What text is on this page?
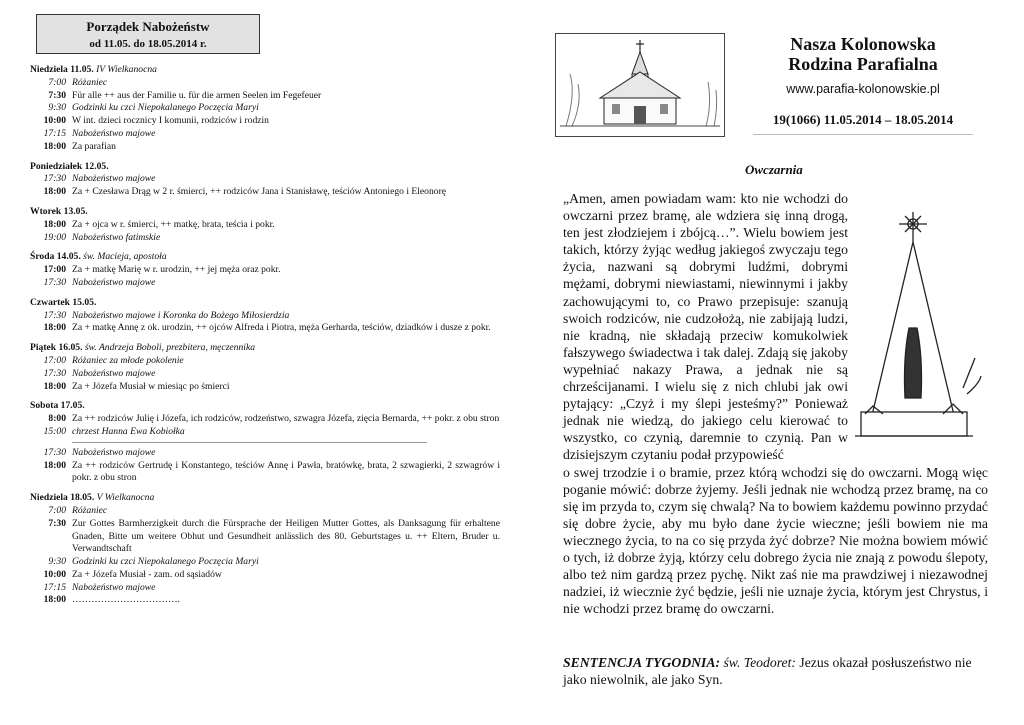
Porządek Nabożeństw
od 11.05. do 18.05.2014 r.
Niedziela 11.05. IV Wielkanocna
7:00 Różaniec
7:30 Für alle ++ aus der Familie u. für die armen Seelen im Fegefeuer
9:30 Godzinki ku czci Niepokalanego Poczęcia Maryi
10:00 W int. dzieci rocznicy I komunii, rodziców i rodzin
17:15 Nabożeństwo majowe
18:00 Za parafian
Poniedziałek 12.05.
17:30 Nabożeństwo majowe
18:00 Za + Czesława Drąg w 2 r. śmierci, ++ rodziców Jana i Stanisławę, teściów Antoniego i Eleonorę
Wtorek 13.05.
18:00 Za + ojca w r. śmierci, ++ matkę, brata, teścia i pokr.
19:00 Nabożeństwo fatimskie
Środa 14.05. św. Macieja, apostoła
17:00 Za + matkę Marię w r. urodzin, ++ jej męża oraz pokr.
17:30 Nabożeństwo majowe
Czwartek 15.05.
17:30 Nabożeństwo majowe i Koronka do Bożego Miłosierdzia
18:00 Za + matkę Annę z ok. urodzin, ++ ojców Alfreda i Piotra, męża Gerharda, teściów, dziadków i dusze z pokr.
Piątek 16.05. św. Andrzeja Boboli, prezbitera, męczennika
17:00 Różaniec za młode pokolenie
17:30 Nabożeństwo majowe
18:00 Za + Józefa Musiał w miesiąc po śmierci
Sobota 17.05.
8:00 Za ++ rodziców Julię i Józefa, ich rodziców, rodzeństwo, szwagra Józefa, zięcia Bernarda, ++ pokr. z obu stron
15:00 chrzest Hanna Ewa Kobiołka
17:30 Nabożeństwo majowe
18:00 Za ++ rodziców Gertrudę i Konstantego, teściów Annę i Pawła, bratówkę, brata, 2 szwagierki, 2 szwagrów i pokr. z obu stron
Niedziela 18.05. V Wielkanocna
7:00 Różaniec
7:30 Zur Gottes Barmherzigkeit durch die Fürsprache der Heiligen Mutter Gottes, als Danksagung für erhaltene Gnaden, Bitte um weitere Obhut und Gesundheit anlässlich des 80. Geburtstages u. ++ Eltern, Bruder u. Verwandtschaft
9:30 Godzinki ku czci Niepokalanego Poczęcia Maryi
10:00 Za + Józefa Musiał - zam. od sąsiadów
17:15 Nabożeństwo majowe
18:00 …………………………….
Nasza Kolonowska
Rodzina Parafialna
www.parafia-kolonowskie.pl
19(1066) 11.05.2014 – 18.05.2014
Owczarnia
„Amen, amen powiadam wam: kto nie wchodzi do owczarni przez bramę, ale wdziera się inną drogą, ten jest złodziejem i zbójcą…”. Wielu bowiem jest takich, którzy żyjąc według jakiegoś zwyczaju tego życia, nazwani są dobrymi ludźmi, dobrymi mężami, dobrymi niewiastami, niewinnymi i jakby zachowującymi to, co Prawo przepisuje: szanują swoich rodziców, nie cudzołożą, nie zabijają ludzi, nie kradną, nie składają przeciw komukolwiek fałszywego świadectwa i tak dalej. Zdają się jakoby wypełniać nakazy Prawa, a jednak nie są chrześcijanami. I wielu się z nich chlubi jak owi pytający: „Czyż i my ślepi jesteśmy?” Ponieważ jednak nie wiedzą, do jakiego celu kierować to wszystko, co czynią, daremnie to czynią. Pan w dzisiejszym czytaniu podał przypowieść
o swej trzodzie i o bramie, przez którą wchodzi się do owczarni. Mogą więc poganie mówić: dobrze żyjemy. Jeśli jednak nie wchodzą przez bramę, na co się im przyda to, czym się chwalą? Na to bowiem każdemu powinno przydać się dobre życie, aby mu było dane życie wieczne; jeśli bowiem nie ma wiecznego życia, to na co się przyda żyć dobrze? Nie można bowiem mówić o tych, iż dobrze żyją, którzy celu dobrego życia nie znają z powodu ślepoty, albo też nim gardzą przez pychę. Nikt zaś nie ma prawdziwej i niezawodnej nadziei, iż wiecznie żyć będzie, jeśli nie uznaje życia, którym jest Chrystus, i nie wchodzi przez bramę do owczarni.
SENTENCJA TYGODNIA: św. Teodoret: Jezus okazał posłuszeństwo nie jako niewolnik, ale jako Syn.
